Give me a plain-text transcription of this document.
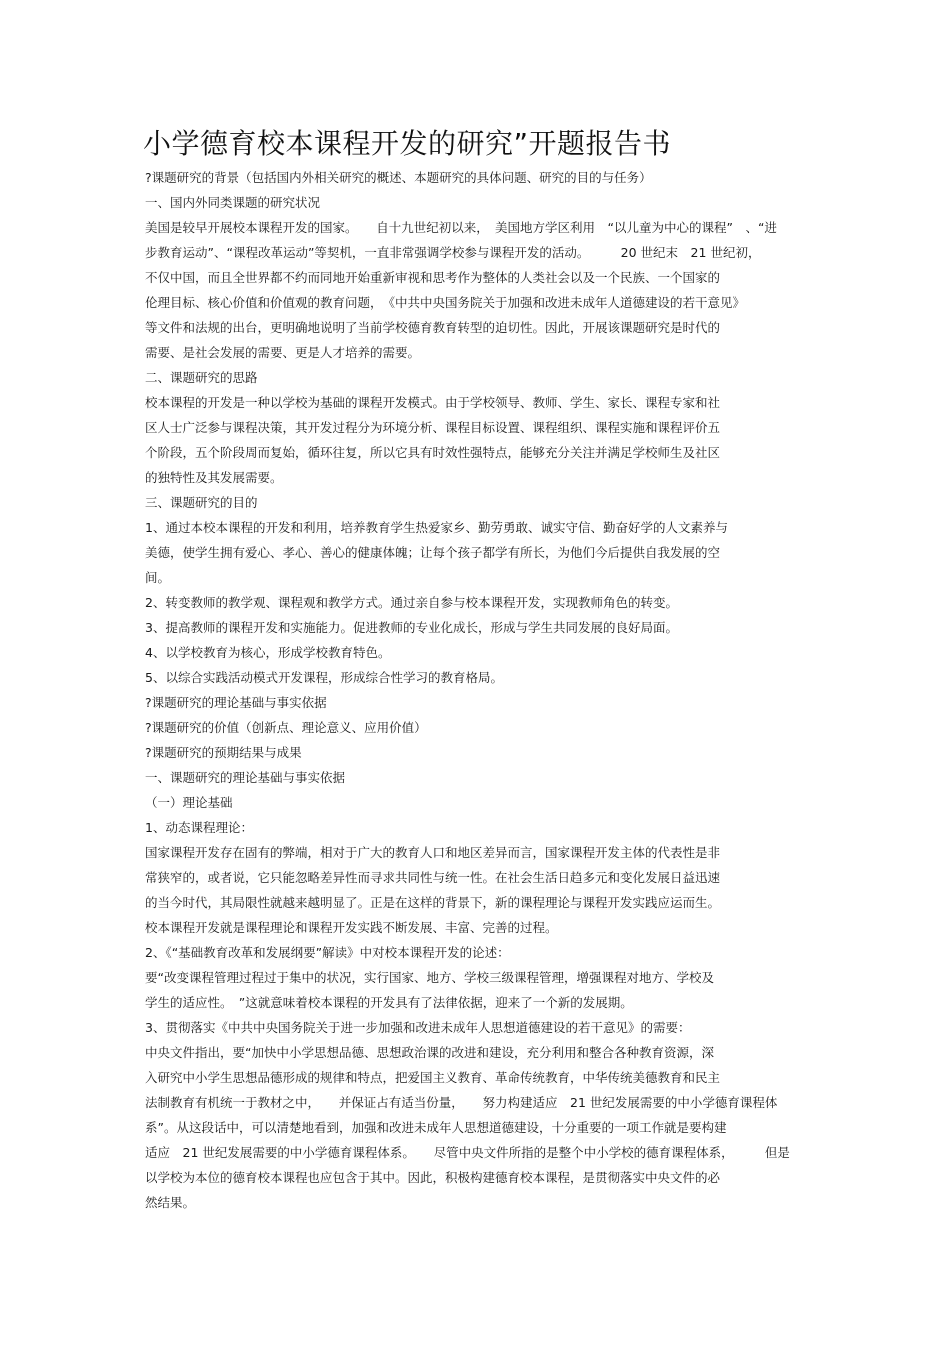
小学德育校本课程开发的研究”开题报告书
?课题研究的背景（包括国内外相关研究的概述、本题研究的具体问题、研究的目的与任务）
一、国内外同类课题的研究状况
美国是较早开展校本课程开发的国家。　　自十九世纪初以来，　美国地方学区利用　“以儿童为中心的课程”　、“进
步教育运动”、“课程改革运动”等契机，一直非常强调学校参与课程开发的活动。　　　20 世纪末　21 世纪初，
不仅中国，而且全世界都不约而同地开始重新审视和思考作为整体的人类社会以及一个民族、一个国家的
伦理目标、核心价值和价值观的教育问题，　《中共中央国务院关于加强和改进未成年人道德建设的若干意见》
等文件和法规的出台，更明确地说明了当前学校德育教育转型的迫切性。因此，开展该课题研究是时代的
需要、是社会发展的需要、更是人才培养的需要。
二、课题研究的思路
校本课程的开发是一种以学校为基础的课程开发模式。由于学校领导、教师、学生、家长、课程专家和社
区人士广泛参与课程决策，其开发过程分为环境分析、课程目标设置、课程组织、课程实施和课程评价五
个阶段，五个阶段周而复始，循环往复，所以它具有时效性强特点，能够充分关注并满足学校师生及社区
的独特性及其发展需要。
三、课题研究的目的
1、通过本校本课程的开发和利用，培养教育学生热爱家乡、勤劳勇敢、诚实守信、勤奋好学的人文素养与
美德，使学生拥有爱心、孝心、善心的健康体魄；让每个孩子都学有所长，为他们今后提供自我发展的空
间。
2、转变教师的教学观、课程观和教学方式。通过亲自参与校本课程开发，实现教师角色的转变。
3、提高教师的课程开发和实施能力。促进教师的专业化成长，形成与学生共同发展的良好局面。
4、以学校教育为核心，形成学校教育特色。
5、以综合实践活动模式开发课程，形成综合性学习的教育格局。
?课题研究的理论基础与事实依据
?课题研究的价值（创新点、理论意义、应用价值）
?课题研究的预期结果与成果
一、课题研究的理论基础与事实依据
（一）理论基础
1、动态课程理论：
国家课程开发存在固有的弊端，相对于广大的教育人口和地区差异而言，国家课程开发主体的代表性是非
常狭窄的，或者说，它只能忽略差异性而寻求共同性与统一性。在社会生活日趋多元和变化发展日益迅速
的当今时代，其局限性就越来越明显了。正是在这样的背景下，新的课程理论与课程开发实践应运而生。
校本课程开发就是课程理论和课程开发实践不断发展、丰富、完善的过程。
2、《“基础教育改革和发展纲要”解读》中对校本课程开发的论述：
要“改变课程管理过程过于集中的状况，实行国家、地方、学校三级课程管理，增强课程对地方、学校及
学生的适应性。　”这就意味着校本课程的开发具有了法律依据，迎来了一个新的发展期。
3、贯彻落实《中共中央国务院关于进一步加强和改进未成年人思想道德建设的若干意见》的需要：
中央文件指出，要“加快中小学思想品德、思想政治课的改进和建设，充分利用和整合各种教育资源，深
入研究中小学生思想品德形成的规律和特点，把爱国主义教育、革命传统教育，中华传统美德教育和民主
法制教育有机统一于教材之中，　　并保证占有适当份量，　　努力构建适应　21 世纪发展需要的中小学德育课程体
系”。从这段话中，可以清楚地看到，加强和改进未成年人思想道德建设，十分重要的一项工作就是要构建
适应　21 世纪发展需要的中小学德育课程体系。　　尽管中央文件所指的是整个中小学校的德育课程体系，　　　但是
以学校为本位的德育校本课程也应包含于其中。因此，积极构建德育校本课程，是贯彻落实中央文件的必
然结果。
